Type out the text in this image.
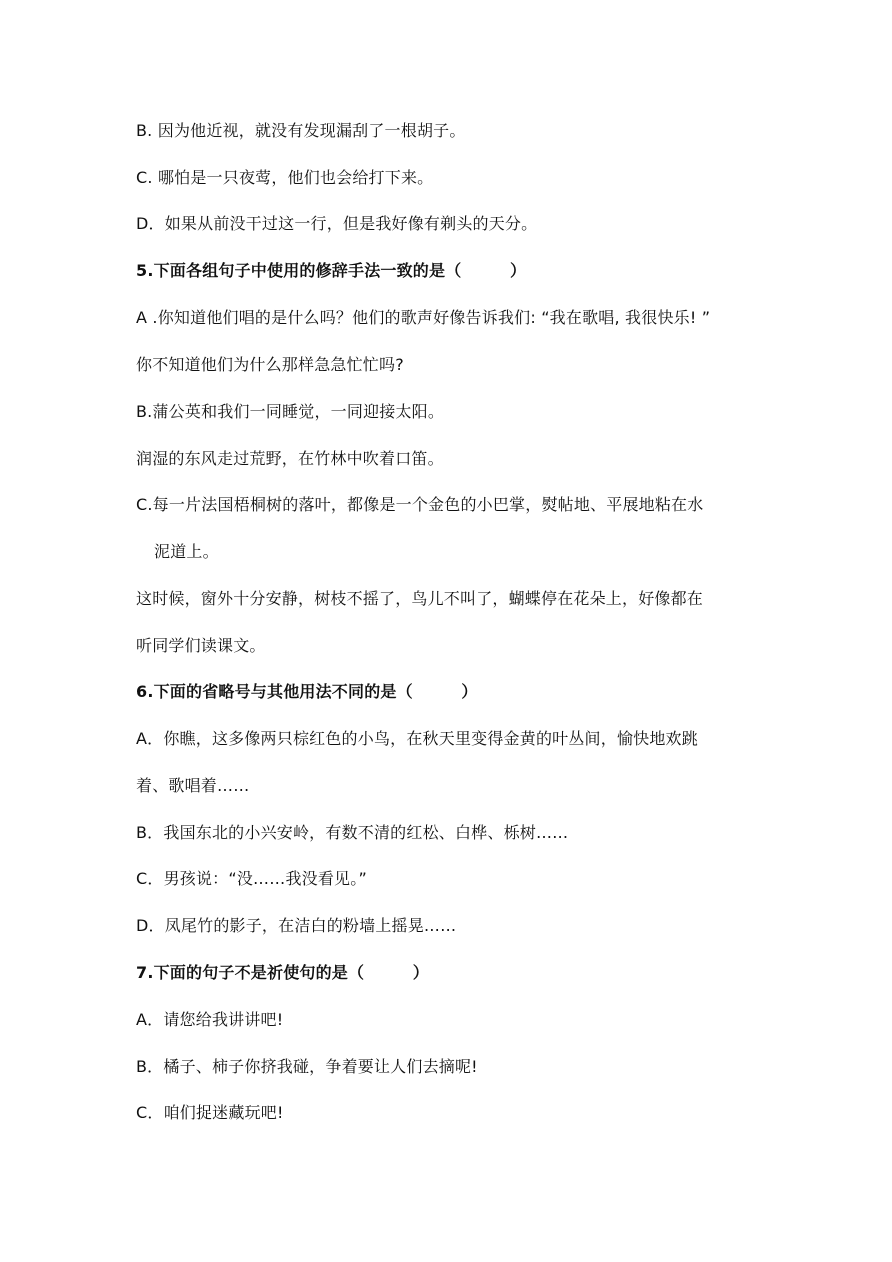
B. 因为他近视，就没有发现漏刮了一根胡子。
C. 哪怕是一只夜莺，他们也会给打下来。
D．如果从前没干过这一行，但是我好像有剃头的天分。
5.下面各组句子中使用的修辞手法一致的是（　　　）
A .你知道他们唱的是什么吗？他们的歌声好像告诉我们: “我在歌唱, 我很快乐! ”
你不知道他们为什么那样急急忙忙吗?
B.蒲公英和我们一同睡觉，一同迎接太阳。
润湿的东风走过荒野，在竹林中吹着口笛。
C.每一片法国梧桐树的落叶，都像是一个金色的小巴掌，熨帖地、平展地粘在水
泥道上。
这时候，窗外十分安静，树枝不摇了，鸟儿不叫了，蝴蝶停在花朵上，好像都在
听同学们读课文。
6.下面的省略号与其他用法不同的是（　　　）
A．你瞧，这多像两只棕红色的小鸟，在秋天里变得金黄的叶丛间，愉快地欢跳
着、歌唱着……
B．我国东北的小兴安岭，有数不清的红松、白桦、栎树……
C．男孩说：“没……我没看见。”
D．凤尾竹的影子，在洁白的粉墙上摇晃……
7.下面的句子不是祈使句的是（　　　）
A．请您给我讲讲吧!
B．橘子、柿子你挤我碰，争着要让人们去摘呢!
C．咱们捉迷藏玩吧!
